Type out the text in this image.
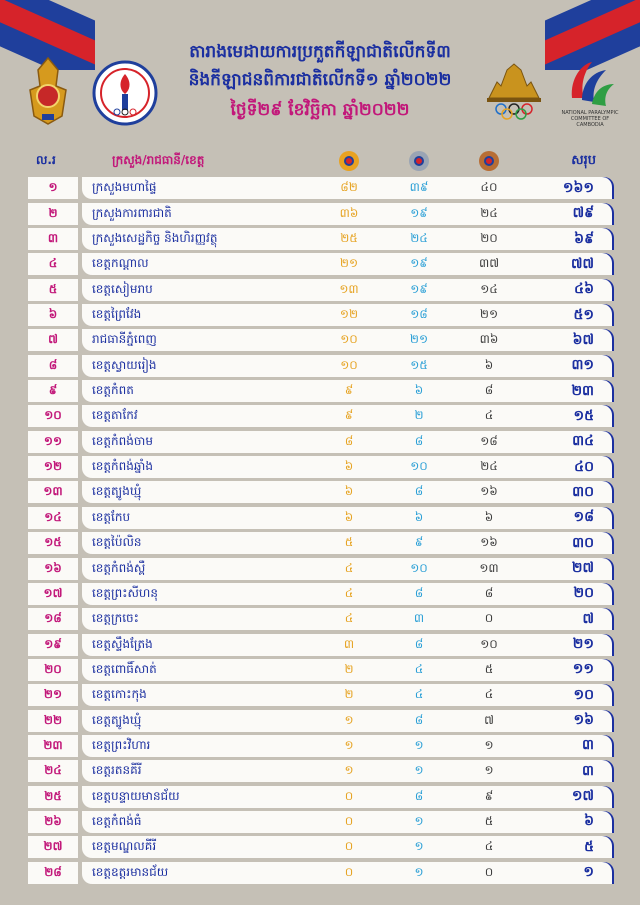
NATIONAL PARALYMPIC COMMITTEE OF CAMBODIA
តារាងមេដាយការប្រកួតកីឡាជាតិលើកទី៣
និងកីឡាជនពិការជាតិលើកទី១ ឆ្នាំ២០២២
ថ្ងៃទី២៩ ខែវិច្ឆិកា ឆ្នាំ២០២២
ល.រ	ក្រសួង/រាជធានី/ខេត្ត	សរុប
១	ក្រសួងមហាផ្ទៃ	៨២	៣៩	៤០	១៦១
២	ក្រសួងការពារជាតិ	៣៦	១៩	២៤	៧៩
៣	ក្រសួងសេដ្ឋកិច្ច និងហិរញ្ញវត្ថុ	២៥	២៤	២០	៦៩
៤	ខេត្តកណ្តាល	២១	១៩	៣៧	៧៧
៥	ខេត្តសៀមរាប	១៣	១៩	១៤	៤៦
៦	ខេត្តព្រៃវែង	១២	១៨	២១	៥១
៧	រាជធានីភ្នំពេញ	១០	២១	៣៦	៦៧
៨	ខេត្តស្វាយរៀង	១០	១៥	៦	៣១
៩	ខេត្តកំពត	៩	៦	៨	២៣
១០	ខេត្តតាកែវ	៩	២	៤	១៥
១១	ខេត្តកំពង់ចាម	៨	៨	១៨	៣៤
១២	ខេត្តកំពង់ឆ្នាំង	៦	១០	២៤	៤០
១៣	ខេត្តត្បូងឃ្មុំ	៦	៨	១៦	៣០
១៤	ខេត្តកែប	៦	៦	៦	១៨
១៥	ខេត្តប៉ៃលិន	៥	៩	១៦	៣០
១៦	ខេត្តកំពង់ស្ពឺ	៤	១០	១៣	២៧
១៧	ខេត្តព្រះសីហនុ	៤	៨	៨	២០
១៨	ខេត្តក្រចេះ	៤	៣	០	៧
១៩	ខេត្តស្ទឹងត្រែង	៣	៨	១០	២១
២០	ខេត្តពោធិ៍សាត់	២	៤	៥	១១
២១	ខេត្តកោះកុង	២	៤	៤	១០
២២	ខេត្តត្បូងឃ្មុំ	១	៨	៧	១៦
២៣	ខេត្តព្រះវិហារ	១	១	១	៣
២៤	ខេត្តរតនគីរី	១	១	១	៣
២៥	ខេត្តបន្ទាយមានជ័យ	០	៨	៩	១៧
២៦	ខេត្តកំពង់ធំ	០	១	៥	៦
២៧	ខេត្តមណ្ឌលគីរី	០	១	៤	៥
២៨	ខេត្តឧត្តរមានជ័យ	០	១	០	១
